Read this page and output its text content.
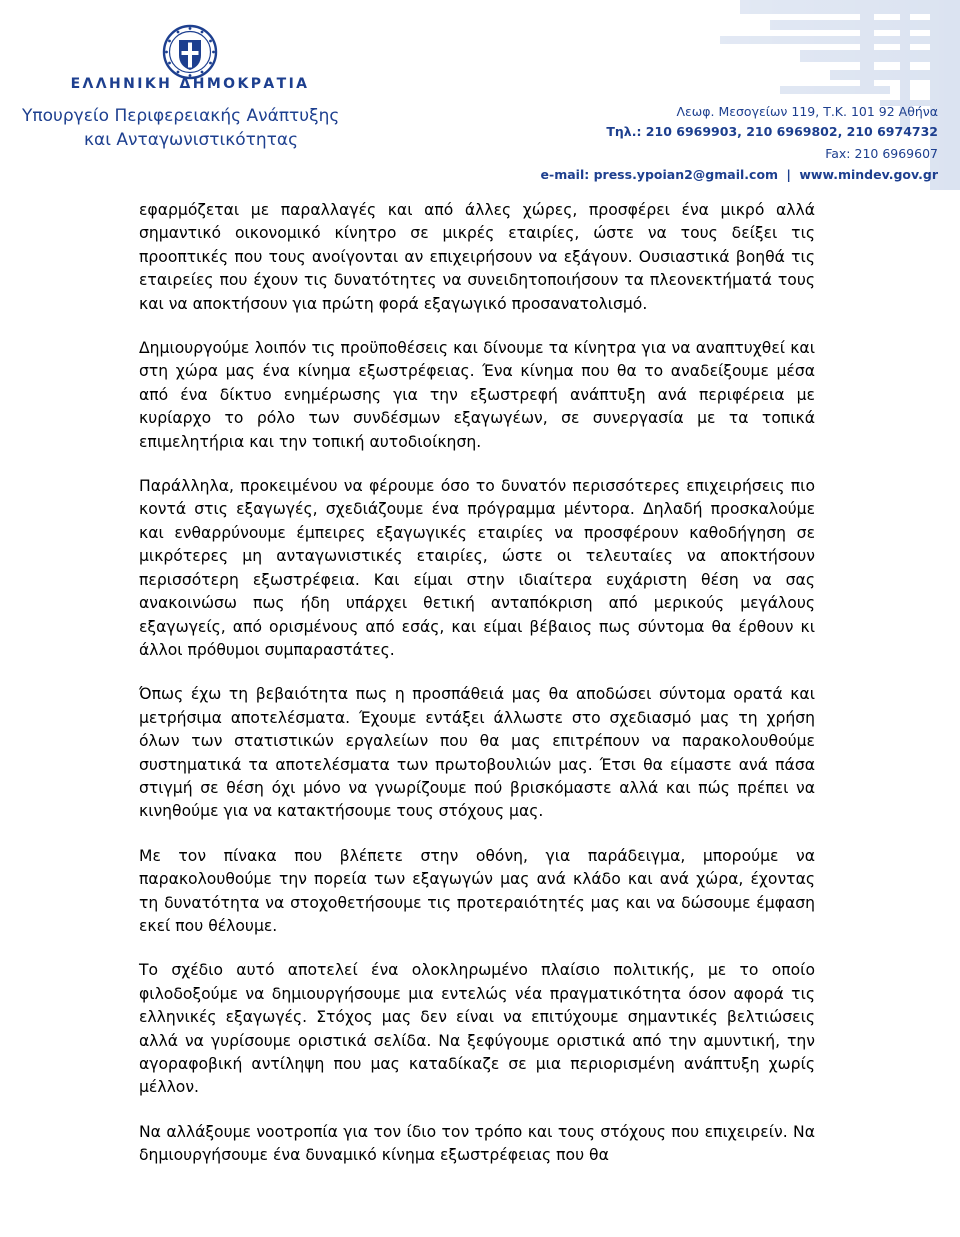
ΕΛΛΗΝΙΚΗ ΔΗΜΟΚΡΑΤΙΑ
Υπουργείο Περιφερειακής Ανάπτυξης
και Ανταγωνιστικότητας
Λεωφ. Μεσογείων 119, Τ.Κ. 101 92 Αθήνα
Τηλ.: 210 6969903, 210 6969802, 210 6974732
Fax: 210 6969607
e-mail: press.ypoian2@gmail.com | www.mindev.gov.gr

εφαρμόζεται με παραλλαγές και από άλλες χώρες, προσφέρει ένα μικρό αλλά σημαντικό οικονομικό κίνητρο σε μικρές εταιρίες, ώστε να τους δείξει τις προοπτικές που τους ανοίγονται αν επιχειρήσουν να εξάγουν. Ουσιαστικά βοηθά τις εταιρείες που έχουν τις δυνατότητες να συνειδητοποιήσουν τα πλεονεκτήματά τους και να αποκτήσουν για πρώτη φορά εξαγωγικό προσανατολισμό.

Δημιουργούμε λοιπόν τις προϋποθέσεις και δίνουμε τα κίνητρα για να αναπτυχθεί και στη χώρα μας ένα κίνημα εξωστρέφειας. Ένα κίνημα που θα το αναδείξουμε μέσα από ένα δίκτυο ενημέρωσης για την εξωστρεφή ανάπτυξη ανά περιφέρεια με κυρίαρχο το ρόλο των συνδέσμων εξαγωγέων, σε συνεργασία με τα τοπικά επιμελητήρια και την τοπική αυτοδιοίκηση.

Παράλληλα, προκειμένου να φέρουμε όσο το δυνατόν περισσότερες επιχειρήσεις πιο κοντά στις εξαγωγές, σχεδιάζουμε ένα πρόγραμμα μέντορα. Δηλαδή προσκαλούμε και ενθαρρύνουμε έμπειρες εξαγωγικές εταιρίες να προσφέρουν καθοδήγηση σε μικρότερες μη ανταγωνιστικές εταιρίες, ώστε οι τελευταίες να αποκτήσουν περισσότερη εξωστρέφεια. Και είμαι στην ιδιαίτερα ευχάριστη θέση να σας ανακοινώσω πως ήδη υπάρχει θετική ανταπόκριση από μερικούς μεγάλους εξαγωγείς, από ορισμένους από εσάς, και είμαι βέβαιος πως σύντομα θα έρθουν κι άλλοι πρόθυμοι συμπαραστάτες.

Όπως έχω τη βεβαιότητα πως η προσπάθειά μας θα αποδώσει σύντομα ορατά και μετρήσιμα αποτελέσματα. Έχουμε εντάξει άλλωστε στο σχεδιασμό μας τη χρήση όλων των στατιστικών εργαλείων που θα μας επιτρέπουν να παρακολουθούμε συστηματικά τα αποτελέσματα των πρωτοβουλιών μας. Έτσι θα είμαστε ανά πάσα στιγμή σε θέση όχι μόνο να γνωρίζουμε πού βρισκόμαστε αλλά και πώς πρέπει να κινηθούμε για να κατακτήσουμε τους στόχους μας.

Με τον πίνακα που βλέπετε στην οθόνη, για παράδειγμα, μπορούμε να παρακολουθούμε την πορεία των εξαγωγών μας ανά κλάδο και ανά χώρα, έχοντας τη δυνατότητα να στοχοθετήσουμε τις προτεραιότητές μας και να δώσουμε έμφαση εκεί που θέλουμε.

Το σχέδιο αυτό αποτελεί ένα ολοκληρωμένο πλαίσιο πολιτικής, με το οποίο φιλοδοξούμε να δημιουργήσουμε μια εντελώς νέα πραγματικότητα όσον αφορά τις ελληνικές εξαγωγές. Στόχος μας δεν είναι να επιτύχουμε σημαντικές βελτιώσεις αλλά να γυρίσουμε οριστικά σελίδα. Να ξεφύγουμε οριστικά από την αμυντική, την αγοραφοβική αντίληψη που μας καταδίκαζε σε μια περιορισμένη ανάπτυξη χωρίς μέλλον.

Να αλλάξουμε νοοτροπία για τον ίδιο τον τρόπο και τους στόχους που επιχειρείν. Να δημιουργήσουμε ένα δυναμικό κίνημα εξωστρέφειας που θα
